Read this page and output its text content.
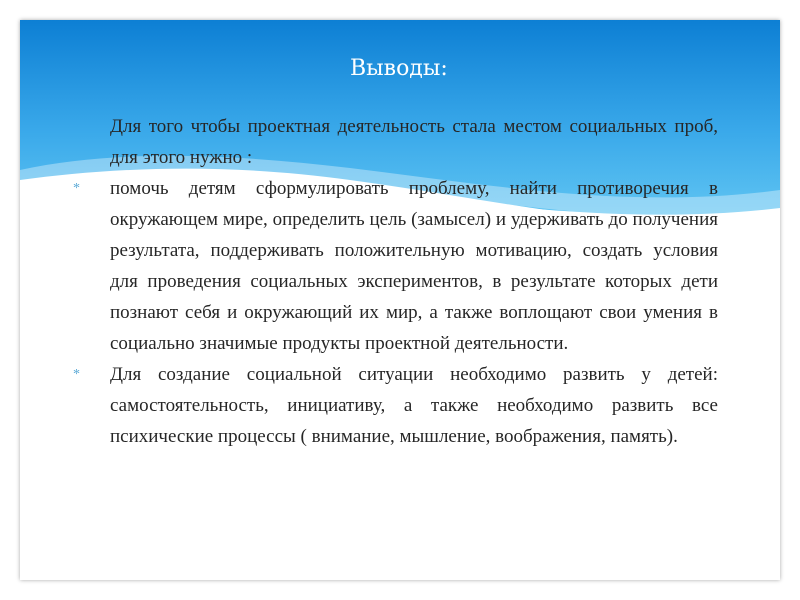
Выводы:

Для того чтобы проектная деятельность стала местом социальных проб, для этого нужно :

* помочь детям сформулировать проблему, найти противоречия в окружающем мире, определить цель (замысел) и удерживать до получения результата, поддерживать положительную мотивацию, создать условия для проведения социальных экспериментов, в результате которых дети познают себя и окружающий их мир, а также воплощают свои умения в социально значимые продукты проектной деятельности.

* Для создание социальной ситуации необходимо развить у детей: самостоятельность, инициативу, а также необходимо развить все психические процессы ( внимание, мышление, воображения, память).
